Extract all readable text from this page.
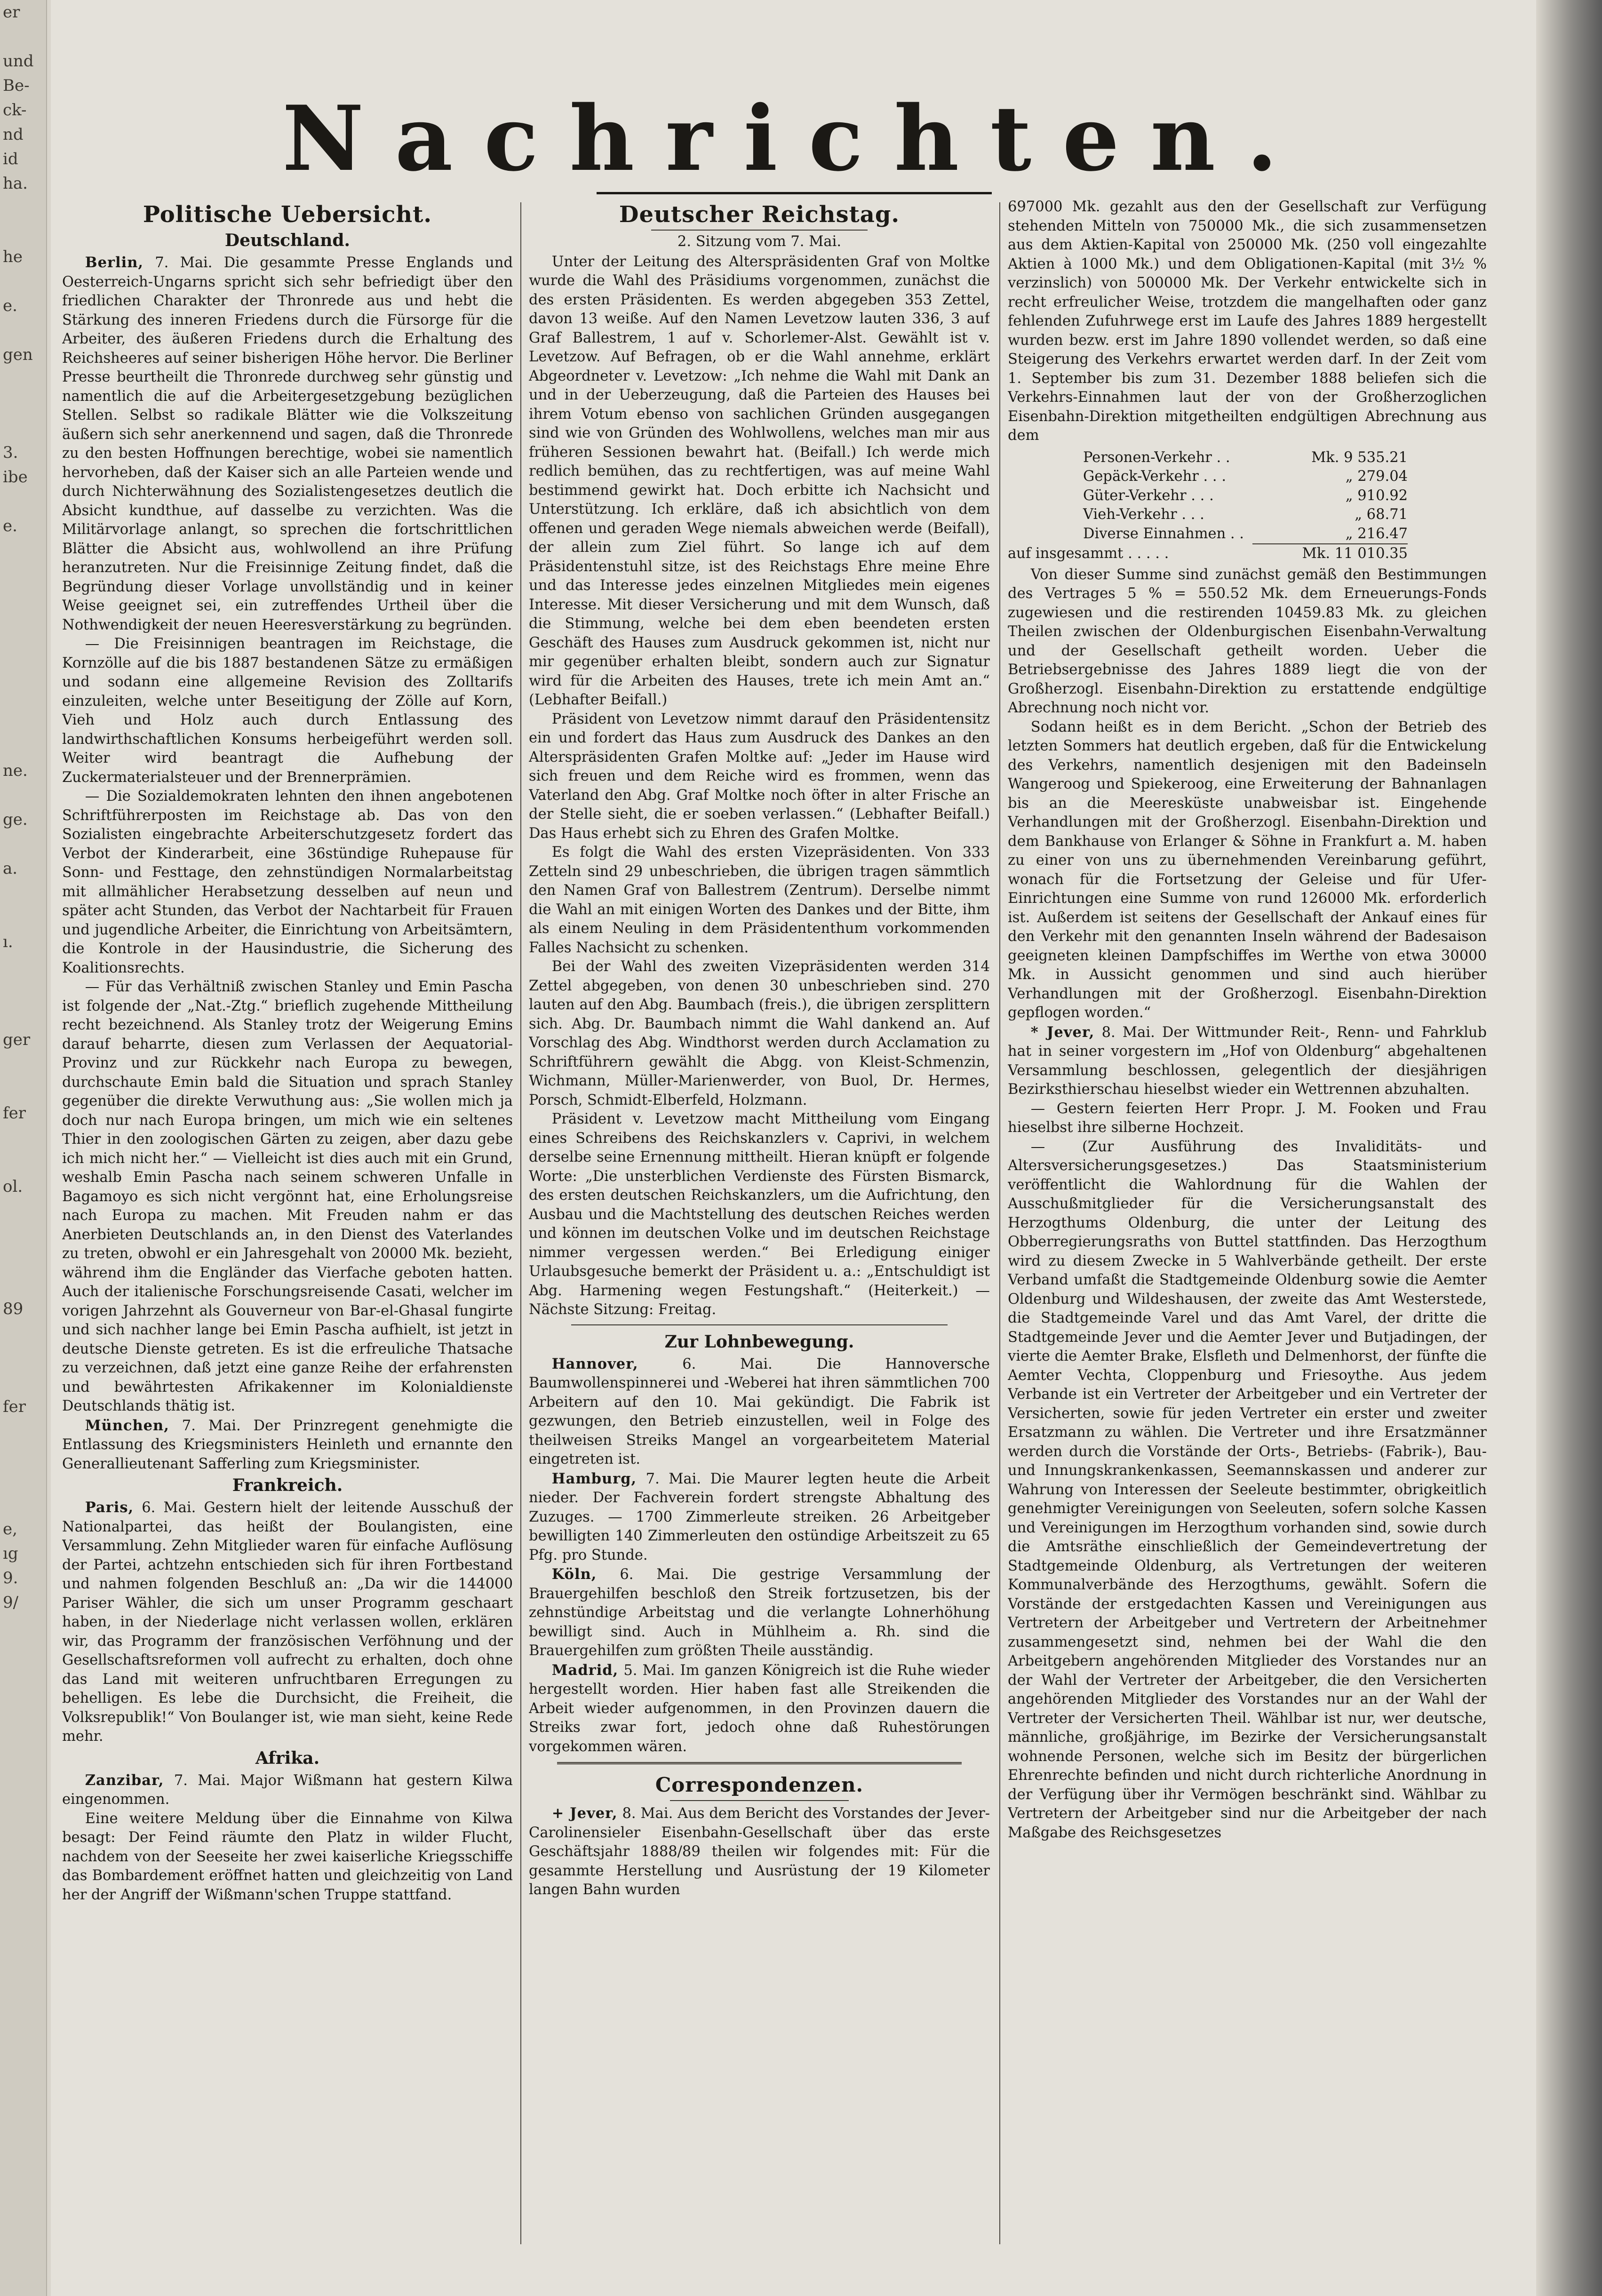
er

und
Be-
ck-
nd
id
ha.

he

e.

gen

3.
ibe

e.

ne.

ge.

a.

ı.

ger

fer

ol.

89

fer

e,
ıg
9.
9/
Nachrichten.
Politische Uebersicht.
Deutschland.

Berlin, 7. Mai. Die gesammte Presse Englands und Oesterreich-Ungarns spricht sich sehr befriedigt über den friedlichen Charakter der Thronrede aus und hebt die Stärkung des inneren Friedens durch die Fürsorge für die Arbeiter, des äußeren Friedens durch die Erhaltung des Reichsheeres auf seiner bisherigen Höhe hervor. Die Berliner Presse beurtheilt die Thronrede durchweg sehr günstig und namentlich die auf die Arbeitergesetzgebung bezüglichen Stellen. Selbst so radikale Blätter wie die Volkszeitung äußern sich sehr anerkennend und sagen, daß die Thronrede zu den besten Hoffnungen berechtige, wobei sie namentlich hervorheben, daß der Kaiser sich an alle Parteien wende und durch Nichterwähnung des Sozialistengesetzes deutlich die Absicht kundthue, auf dasselbe zu verzichten. Was die Militärvorlage anlangt, so sprechen die fortschrittlichen Blätter die Absicht aus, wohlwollend an ihre Prüfung heranzutreten. Nur die Freisinnige Zeitung findet, daß die Begründung dieser Vorlage unvollständig und in keiner Weise geeignet sei, ein zutreffendes Urtheil über die Nothwendigkeit der neuen Heeresverstärkung zu begründen.

— Die Freisinnigen beantragen im Reichstage, die Kornzölle auf die bis 1887 bestandenen Sätze zu ermäßigen und sodann eine allgemeine Revision des Zolltarifs einzuleiten, welche unter Beseitigung der Zölle auf Korn, Vieh und Holz auch durch Entlassung des landwirthschaftlichen Konsums herbeigeführt werden soll. Weiter wird beantragt die Aufhebung der Zuckermaterialsteuer und der Brennerprämien.

— Die Sozialdemokraten lehnten den ihnen angebotenen Schriftführerposten im Reichstage ab. Das von den Sozialisten eingebrachte Arbeiterschutzgesetz fordert das Verbot der Kinderarbeit, eine 36stündige Ruhepause für Sonn- und Festtage, den zehnstündigen Normalarbeitstag mit allmählicher Herabsetzung desselben auf neun und später acht Stunden, das Verbot der Nachtarbeit für Frauen und jugendliche Arbeiter, die Einrichtung von Arbeitsämtern, die Kontrole in der Hausindustrie, die Sicherung des Koalitionsrechts.

— Für das Verhältniß zwischen Stanley und Emin Pascha ist folgende der „Nat.-Ztg.“ brieflich zugehende Mittheilung recht bezeichnend. Als Stanley trotz der Weigerung Emins darauf beharrte, diesen zum Verlassen der Aequatorial-Provinz und zur Rückkehr nach Europa zu bewegen, durchschaute Emin bald die Situation und sprach Stanley gegenüber die direkte Verwuthung aus: „Sie wollen mich ja doch nur nach Europa bringen, um mich wie ein seltenes Thier in den zoologischen Gärten zu zeigen, aber dazu gebe ich mich nicht her.“ — Vielleicht ist dies auch mit ein Grund, weshalb Emin Pascha nach seinem schweren Unfalle in Bagamoyo es sich nicht vergönnt hat, eine Erholungsreise nach Europa zu machen. Mit Freuden nahm er das Anerbieten Deutschlands an, in den Dienst des Vaterlandes zu treten, obwohl er ein Jahresgehalt von 20000 Mk. bezieht, während ihm die Engländer das Vierfache geboten hatten. Auch der italienische Forschungsreisende Casati, welcher im vorigen Jahrzehnt als Gouverneur von Bar-el-Ghasal fungirte und sich nachher lange bei Emin Pascha aufhielt, ist jetzt in deutsche Dienste getreten. Es ist die erfreuliche Thatsache zu verzeichnen, daß jetzt eine ganze Reihe der erfahrensten und bewährtesten Afrikakenner im Kolonialdienste Deutschlands thätig ist.

München, 7. Mai. Der Prinzregent genehmigte die Entlassung des Kriegsministers Heinleth und ernannte den Generallieutenant Safferling zum Kriegsminister.

Frankreich.

Paris, 6. Mai. Gestern hielt der leitende Ausschuß der Nationalpartei, das heißt der Boulangisten, eine Versammlung. Zehn Mitglieder waren für einfache Auflösung der Partei, achtzehn entschieden sich für ihren Fortbestand und nahmen folgenden Beschluß an: „Da wir die 144000 Pariser Wähler, die sich um unser Programm geschaart haben, in der Niederlage nicht verlassen wollen, erklären wir, das Programm der französischen Verföhnung und der Gesellschaftsreformen voll aufrecht zu erhalten, doch ohne das Land mit weiteren unfruchtbaren Erregungen zu behelligen. Es lebe die Durchsicht, die Freiheit, die Volksrepublik!“ Von Boulanger ist, wie man sieht, keine Rede mehr.

Afrika.

Zanzibar, 7. Mai. Major Wißmann hat gestern Kilwa eingenommen.

Eine weitere Meldung über die Einnahme von Kilwa besagt: Der Feind räumte den Platz in wilder Flucht, nachdem von der Seeseite her zwei kaiserliche Kriegsschiffe das Bombardement eröffnet hatten und gleichzeitig von Land her der Angriff der Wißmann'schen Truppe stattfand.

Deutscher Reichstag.
2. Sitzung vom 7. Mai.

Unter der Leitung des Alterspräsidenten Graf von Moltke wurde die Wahl des Präsidiums vorgenommen, zunächst die des ersten Präsidenten. Es werden abgegeben 353 Zettel, davon 13 weiße. Auf den Namen Levetzow lauten 336, 3 auf Graf Ballestrem, 1 auf v. Schorlemer-Alst. Gewählt ist v. Levetzow. Auf Befragen, ob er die Wahl annehme, erklärt Abgeordneter v. Levetzow: „Ich nehme die Wahl mit Dank an und in der Ueberzeugung, daß die Parteien des Hauses bei ihrem Votum ebenso von sachlichen Gründen ausgegangen sind wie von Gründen des Wohlwollens, welches man mir aus früheren Sessionen bewahrt hat. (Beifall.) Ich werde mich redlich bemühen, das zu rechtfertigen, was auf meine Wahl bestimmend gewirkt hat. Doch erbitte ich Nachsicht und Unterstützung. Ich erkläre, daß ich absichtlich von dem offenen und geraden Wege niemals abweichen werde (Beifall), der allein zum Ziel führt. So lange ich auf dem Präsidentenstuhl sitze, ist des Reichstags Ehre meine Ehre und das Interesse jedes einzelnen Mitgliedes mein eigenes Interesse. Mit dieser Versicherung und mit dem Wunsch, daß die Stimmung, welche bei dem eben beendeten ersten Geschäft des Hauses zum Ausdruck gekommen ist, nicht nur mir gegenüber erhalten bleibt, sondern auch zur Signatur wird für die Arbeiten des Hauses, trete ich mein Amt an.“ (Lebhafter Beifall.)

Präsident von Levetzow nimmt darauf den Präsidentensitz ein und fordert das Haus zum Ausdruck des Dankes an den Alterspräsidenten Grafen Moltke auf: „Jeder im Hause wird sich freuen und dem Reiche wird es frommen, wenn das Vaterland den Abg. Graf Moltke noch öfter in alter Frische an der Stelle sieht, die er soeben verlassen.“ (Lebhafter Beifall.) Das Haus erhebt sich zu Ehren des Grafen Moltke.

Es folgt die Wahl des ersten Vizepräsidenten. Von 333 Zetteln sind 29 unbeschrieben, die übrigen tragen sämmtlich den Namen Graf von Ballestrem (Zentrum). Derselbe nimmt die Wahl an mit einigen Worten des Dankes und der Bitte, ihm als einem Neuling in dem Präsidententhum vorkommenden Falles Nachsicht zu schenken.

Bei der Wahl des zweiten Vizepräsidenten werden 314 Zettel abgegeben, von denen 30 unbeschrieben sind. 270 lauten auf den Abg. Baumbach (freis.), die übrigen zersplittern sich. Abg. Dr. Baumbach nimmt die Wahl dankend an. Auf Vorschlag des Abg. Windthorst werden durch Acclamation zu Schriftführern gewählt die Abgg. von Kleist-Schmenzin, Wichmann, Müller-Marienwerder, von Buol, Dr. Hermes, Porsch, Schmidt-Elberfeld, Holzmann.

Präsident v. Levetzow macht Mittheilung vom Eingang eines Schreibens des Reichskanzlers v. Caprivi, in welchem derselbe seine Ernennung mittheilt. Hieran knüpft er folgende Worte: „Die unsterblichen Verdienste des Fürsten Bismarck, des ersten deutschen Reichskanzlers, um die Aufrichtung, den Ausbau und die Machtstellung des deutschen Reiches werden und können im deutschen Volke und im deutschen Reichstage nimmer vergessen werden.“ Bei Erledigung einiger Urlaubsgesuche bemerkt der Präsident u. a.: „Entschuldigt ist Abg. Harmening wegen Festungshaft.“ (Heiterkeit.) — Nächste Sitzung: Freitag.

Zur Lohnbewegung.

Hannover, 6. Mai. Die Hannoversche Baumwollenspinnerei und -Weberei hat ihren sämmtlichen 700 Arbeitern auf den 10. Mai gekündigt. Die Fabrik ist gezwungen, den Betrieb einzustellen, weil in Folge des theilweisen Streiks Mangel an vorgearbeitetem Material eingetreten ist.

Hamburg, 7. Mai. Die Maurer legten heute die Arbeit nieder. Der Fachverein fordert strengste Abhaltung des Zuzuges. — 1700 Zimmerleute streiken. 26 Arbeitgeber bewilligten 140 Zimmerleuten den ostündige Arbeitszeit zu 65 Pfg. pro Stunde.

Köln, 6. Mai. Die gestrige Versammlung der Brauergehilfen beschloß den Streik fortzusetzen, bis der zehnstündige Arbeitstag und die verlangte Lohnerhöhung bewilligt sind. Auch in Mühlheim a. Rh. sind die Brauergehilfen zum größten Theile ausständig.

Madrid, 5. Mai. Im ganzen Königreich ist die Ruhe wieder hergestellt worden. Hier haben fast alle Streikenden die Arbeit wieder aufgenommen, in den Provinzen dauern die Streiks zwar fort, jedoch ohne daß Ruhestörungen vorgekommen wären.

Correspondenzen.

+ Jever, 8. Mai. Aus dem Bericht des Vorstandes der Jever-Carolinensieler Eisenbahn-Gesellschaft über das erste Geschäftsjahr 1888/89 theilen wir folgendes mit: Für die gesammte Herstellung und Ausrüstung der 19 Kilometer langen Bahn wurden

697000 Mk. gezahlt aus den der Gesellschaft zur Verfügung stehenden Mitteln von 750000 Mk., die sich zusammensetzen aus dem Aktien-Kapital von 250000 Mk. (250 voll eingezahlte Aktien à 1000 Mk.) und dem Obligationen-Kapital (mit 3½ % verzinslich) von 500000 Mk. Der Verkehr entwickelte sich in recht erfreulicher Weise, trotzdem die mangelhaften oder ganz fehlenden Zufuhrwege erst im Laufe des Jahres 1889 hergestellt wurden bezw. erst im Jahre 1890 vollendet werden, so daß eine Steigerung des Verkehrs erwartet werden darf. In der Zeit vom 1. September bis zum 31. Dezember 1888 beliefen sich die Verkehrs-Einnahmen laut der von der Großherzoglichen Eisenbahn-Direktion mitgetheilten endgültigen Abrechnung aus dem

Personen-Verkehr . .	Mk. 9 535.21
Gepäck-Verkehr . . .	„ 279.04
Güter-Verkehr . . .	„ 910.92
Vieh-Verkehr . . .	„ 68.71
Diverse Einnahmen . .	„ 216.47
auf insgesammt . . . . .	Mk. 11 010.35

Von dieser Summe sind zunächst gemäß den Bestimmungen des Vertrages 5 % = 550.52 Mk. dem Erneuerungs-Fonds zugewiesen und die restirenden 10459.83 Mk. zu gleichen Theilen zwischen der Oldenburgischen Eisenbahn-Verwaltung und der Gesellschaft getheilt worden. Ueber die Betriebsergebnisse des Jahres 1889 liegt die von der Großherzogl. Eisenbahn-Direktion zu erstattende endgültige Abrechnung noch nicht vor.

Sodann heißt es in dem Bericht. „Schon der Betrieb des letzten Sommers hat deutlich ergeben, daß für die Entwickelung des Verkehrs, namentlich desjenigen mit den Badeinseln Wangeroog und Spiekeroog, eine Erweiterung der Bahnanlagen bis an die Meeresküste unabweisbar ist. Eingehende Verhandlungen mit der Großherzogl. Eisenbahn-Direktion und dem Bankhause von Erlanger & Söhne in Frankfurt a. M. haben zu einer von uns zu übernehmenden Vereinbarung geführt, wonach für die Fortsetzung der Geleise und für Ufer-Einrichtungen eine Summe von rund 126000 Mk. erforderlich ist. Außerdem ist seitens der Gesellschaft der Ankauf eines für den Verkehr mit den genannten Inseln während der Badesaison geeigneten kleinen Dampfschiffes im Werthe von etwa 30000 Mk. in Aussicht genommen und sind auch hierüber Verhandlungen mit der Großherzogl. Eisenbahn-Direktion gepflogen worden.“

* Jever, 8. Mai. Der Wittmunder Reit-, Renn- und Fahrklub hat in seiner vorgestern im „Hof von Oldenburg“ abgehaltenen Versammlung beschlossen, gelegentlich der diesjährigen Bezirksthierschau hieselbst wieder ein Wettrennen abzuhalten.

— Gestern feierten Herr Propr. J. M. Fooken und Frau hieselbst ihre silberne Hochzeit.

— (Zur Ausführung des Invaliditäts- und Altersversicherungsgesetzes.) Das Staatsministerium veröffentlicht die Wahlordnung für die Wahlen der Ausschußmitglieder für die Versicherungsanstalt des Herzogthums Oldenburg, die unter der Leitung des Obberregierungsraths von Buttel stattfinden. Das Herzogthum wird zu diesem Zwecke in 5 Wahlverbände getheilt. Der erste Verband umfaßt die Stadtgemeinde Oldenburg sowie die Aemter Oldenburg und Wildeshausen, der zweite das Amt Westerstede, die Stadtgemeinde Varel und das Amt Varel, der dritte die Stadtgemeinde Jever und die Aemter Jever und Butjadingen, der vierte die Aemter Brake, Elsfleth und Delmenhorst, der fünfte die Aemter Vechta, Cloppenburg und Friesoythe. Aus jedem Verbande ist ein Vertreter der Arbeitgeber und ein Vertreter der Versicherten, sowie für jeden Vertreter ein erster und zweiter Ersatzmann zu wählen. Die Vertreter und ihre Ersatzmänner werden durch die Vorstände der Orts-, Betriebs- (Fabrik-), Bau- und Innungskrankenkassen, Seemannskassen und anderer zur Wahrung von Interessen der Seeleute bestimmter, obrigkeitlich genehmigter Vereinigungen von Seeleuten, sofern solche Kassen und Vereinigungen im Herzogthum vorhanden sind, sowie durch die Amtsräthe einschließlich der Gemeindevertretung der Stadtgemeinde Oldenburg, als Vertretungen der weiteren Kommunalverbände des Herzogthums, gewählt. Sofern die Vorstände der erstgedachten Kassen und Vereinigungen aus Vertretern der Arbeitgeber und Vertretern der Arbeitnehmer zusammengesetzt sind, nehmen bei der Wahl die den Arbeitgebern angehörenden Mitglieder des Vorstandes nur an der Wahl der Vertreter der Arbeitgeber, die den Versicherten angehörenden Mitglieder des Vorstandes nur an der Wahl der Vertreter der Versicherten Theil. Wählbar ist nur, wer deutsche, männliche, großjährige, im Bezirke der Versicherungsanstalt wohnende Personen, welche sich im Besitz der bürgerlichen Ehrenrechte befinden und nicht durch richterliche Anordnung in der Verfügung über ihr Vermögen beschränkt sind. Wählbar zu Vertretern der Arbeitgeber sind nur die Arbeitgeber der nach Maßgabe des Reichsgesetzes
